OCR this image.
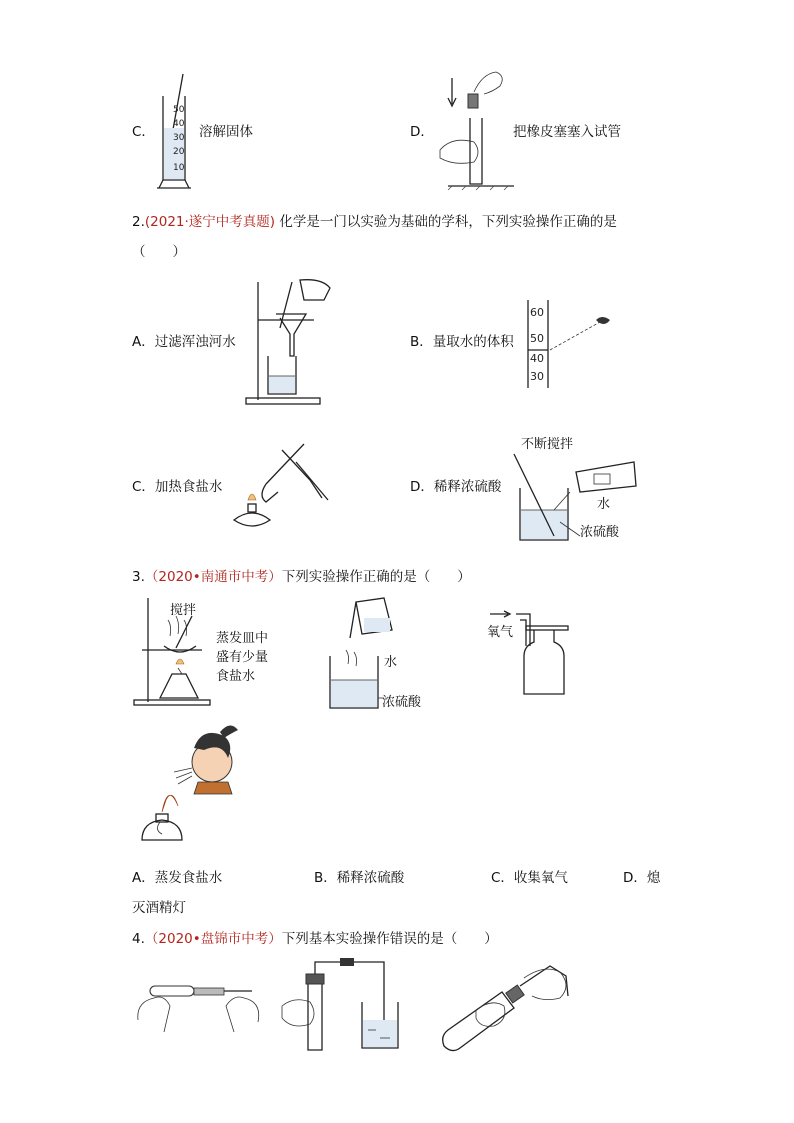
C．
50
40
30
20
10
溶解固体	D．	把橡皮塞塞入试管
2.(2021·遂宁中考真题) 化学是一门以实验为基础的学科，下列实验操作正确的是
（　　）
A．过滤浑浊河水	B．量取水的体积
60
50
40
30
C．加热食盐水	D．稀释浓硫酸
不断搅拌
水
浓硫酸
3.（2020•南通市中考）下列实验操作正确的是（　　）
搅拌
蒸发皿中
盛有少量
食盐水
水
浓硫酸
氧气
A．蒸发食盐水	B．稀释浓硫酸	C．收集氧气	D．熄
灭酒精灯
4.（2020•盘锦市中考）下列基本实验操作错误的是（　　）
